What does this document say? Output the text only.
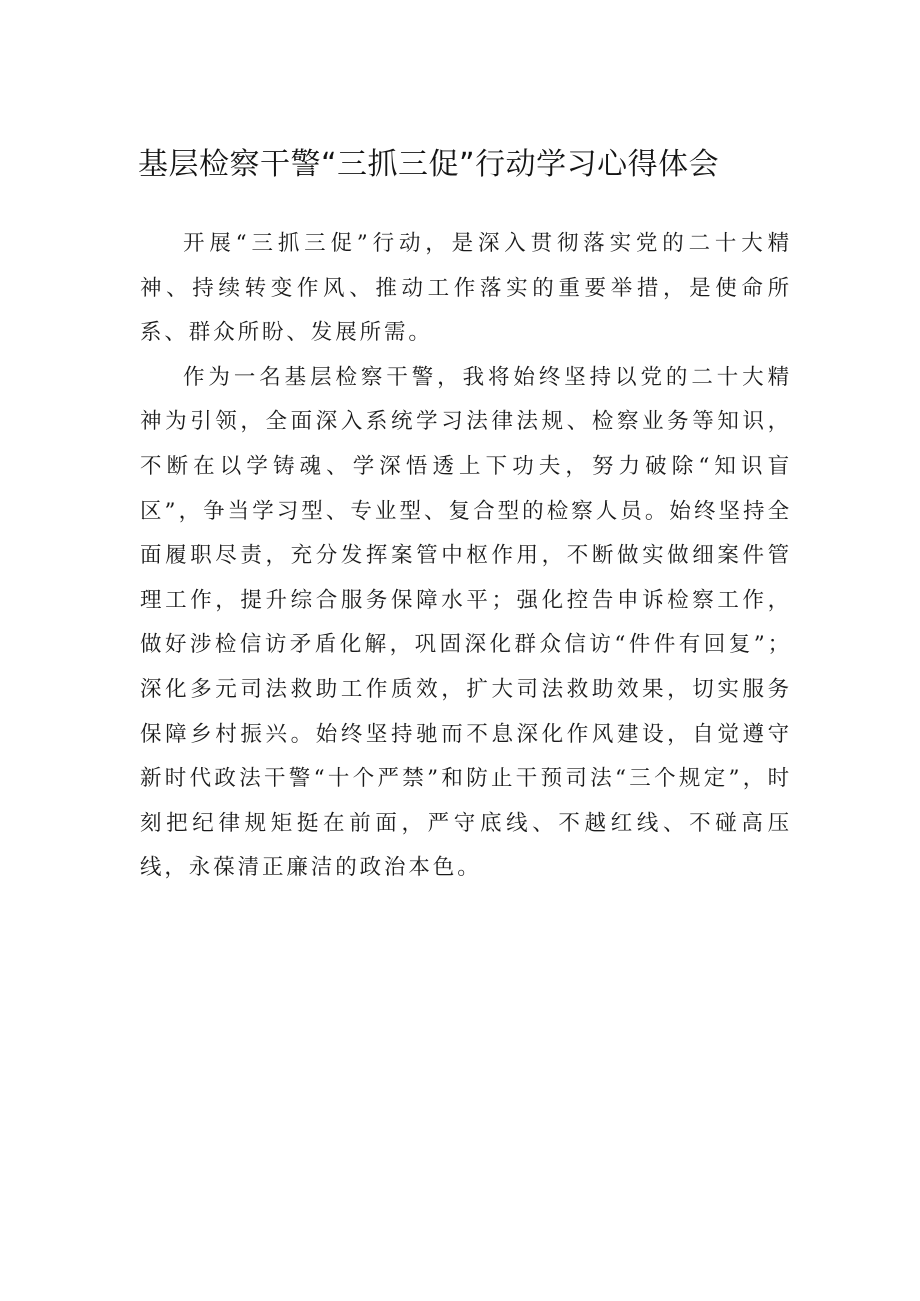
基层检察干警“三抓三促”行动学习心得体会

开展“三抓三促”行动，是深入贯彻落实党的二十大精神、持续转变作风、推动工作落实的重要举措，是使命所系、群众所盼、发展所需。

作为一名基层检察干警，我将始终坚持以党的二十大精神为引领，全面深入系统学习法律法规、检察业务等知识，不断在以学铸魂、学深悟透上下功夫，努力破除“知识盲区”，争当学习型、专业型、复合型的检察人员。始终坚持全面履职尽责，充分发挥案管中枢作用，不断做实做细案件管理工作，提升综合服务保障水平；强化控告申诉检察工作，做好涉检信访矛盾化解，巩固深化群众信访“件件有回复”；深化多元司法救助工作质效，扩大司法救助效果，切实服务保障乡村振兴。始终坚持驰而不息深化作风建设，自觉遵守新时代政法干警“十个严禁”和防止干预司法“三个规定”，时刻把纪律规矩挺在前面，严守底线、不越红线、不碰高压线，永葆清正廉洁的政治本色。
